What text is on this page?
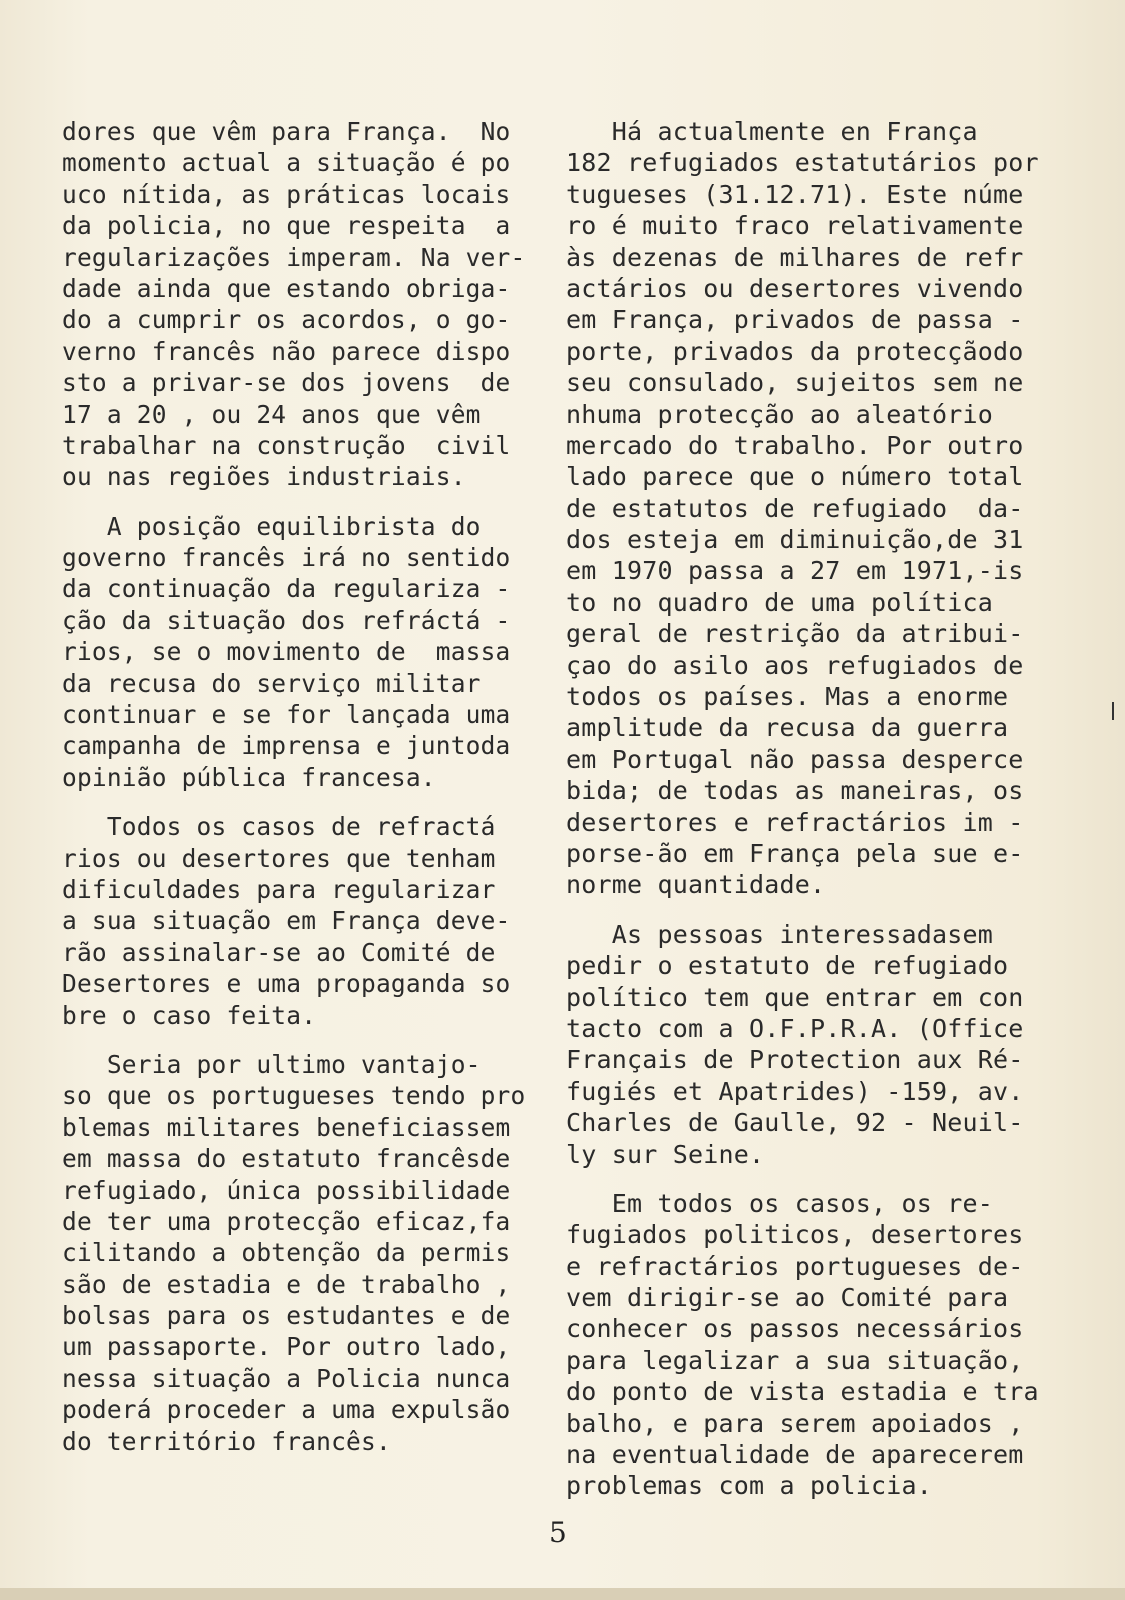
dores que vêm para França.  No
momento actual a situação é po
uco nítida, as práticas locais
da policia, no que respeita  a
regularizações imperam. Na ver-
dade ainda que estando obriga-
do a cumprir os acordos, o go-
verno francês não parece dispo
sto a privar-se dos jovens  de
17 a 20 , ou 24 anos que vêm
trabalhar na construção  civil
ou nas regiões industriais.
A posição equilibrista do
governo francês irá no sentido
da continuação da regulariza -
ção da situação dos refráctá -
rios, se o movimento de  massa
da recusa do serviço militar
continuar e se for lançada uma
campanha de imprensa e juntoda
opinião pública francesa.
Todos os casos de refractá
rios ou desertores que tenham
dificuldades para regularizar
a sua situação em França deve-
rão assinalar-se ao Comité de
Desertores e uma propaganda so
bre o caso feita.
Seria por ultimo vantajo-
so que os portugueses tendo pro
blemas militares beneficiassem
em massa do estatuto francêsde
refugiado, única possibilidade
de ter uma protecção eficaz,fa
cilitando a obtenção da permis
são de estadia e de trabalho ,
bolsas para os estudantes e de
um passaporte. Por outro lado,
nessa situação a Policia nunca
poderá proceder a uma expulsão
do território francês.
Há actualmente en França
182 refugiados estatutários por
tugueses (31.12.71). Este núme
ro é muito fraco relativamente
às dezenas de milhares de refr
actários ou desertores vivendo
em França, privados de passa -
porte, privados da protecçãodo
seu consulado, sujeitos sem ne
nhuma protecção ao aleatório
mercado do trabalho. Por outro
lado parece que o número total
de estatutos de refugiado  da-
dos esteja em diminuição,de 31
em 1970 passa a 27 em 1971,-is
to no quadro de uma política
geral de restrição da atribui-
çao do asilo aos refugiados de
todos os países. Mas a enorme
amplitude da recusa da guerra
em Portugal não passa desperce
bida; de todas as maneiras, os
desertores e refractários im -
porse-ão em França pela sue e-
norme quantidade.
As pessoas interessadasem
pedir o estatuto de refugiado
político tem que entrar em con
tacto com a O.F.P.R.A. (Office
Français de Protection aux Ré-
fugiés et Apatrides) -159, av.
Charles de Gaulle, 92 - Neuil-
ly sur Seine.
Em todos os casos, os re-
fugiados politicos, desertores
e refractários portugueses de-
vem dirigir-se ao Comité para
conhecer os passos necessários
para legalizar a sua situação,
do ponto de vista estadia e tra
balho, e para serem apoiados ,
na eventualidade de aparecerem
problemas com a policia.
5
